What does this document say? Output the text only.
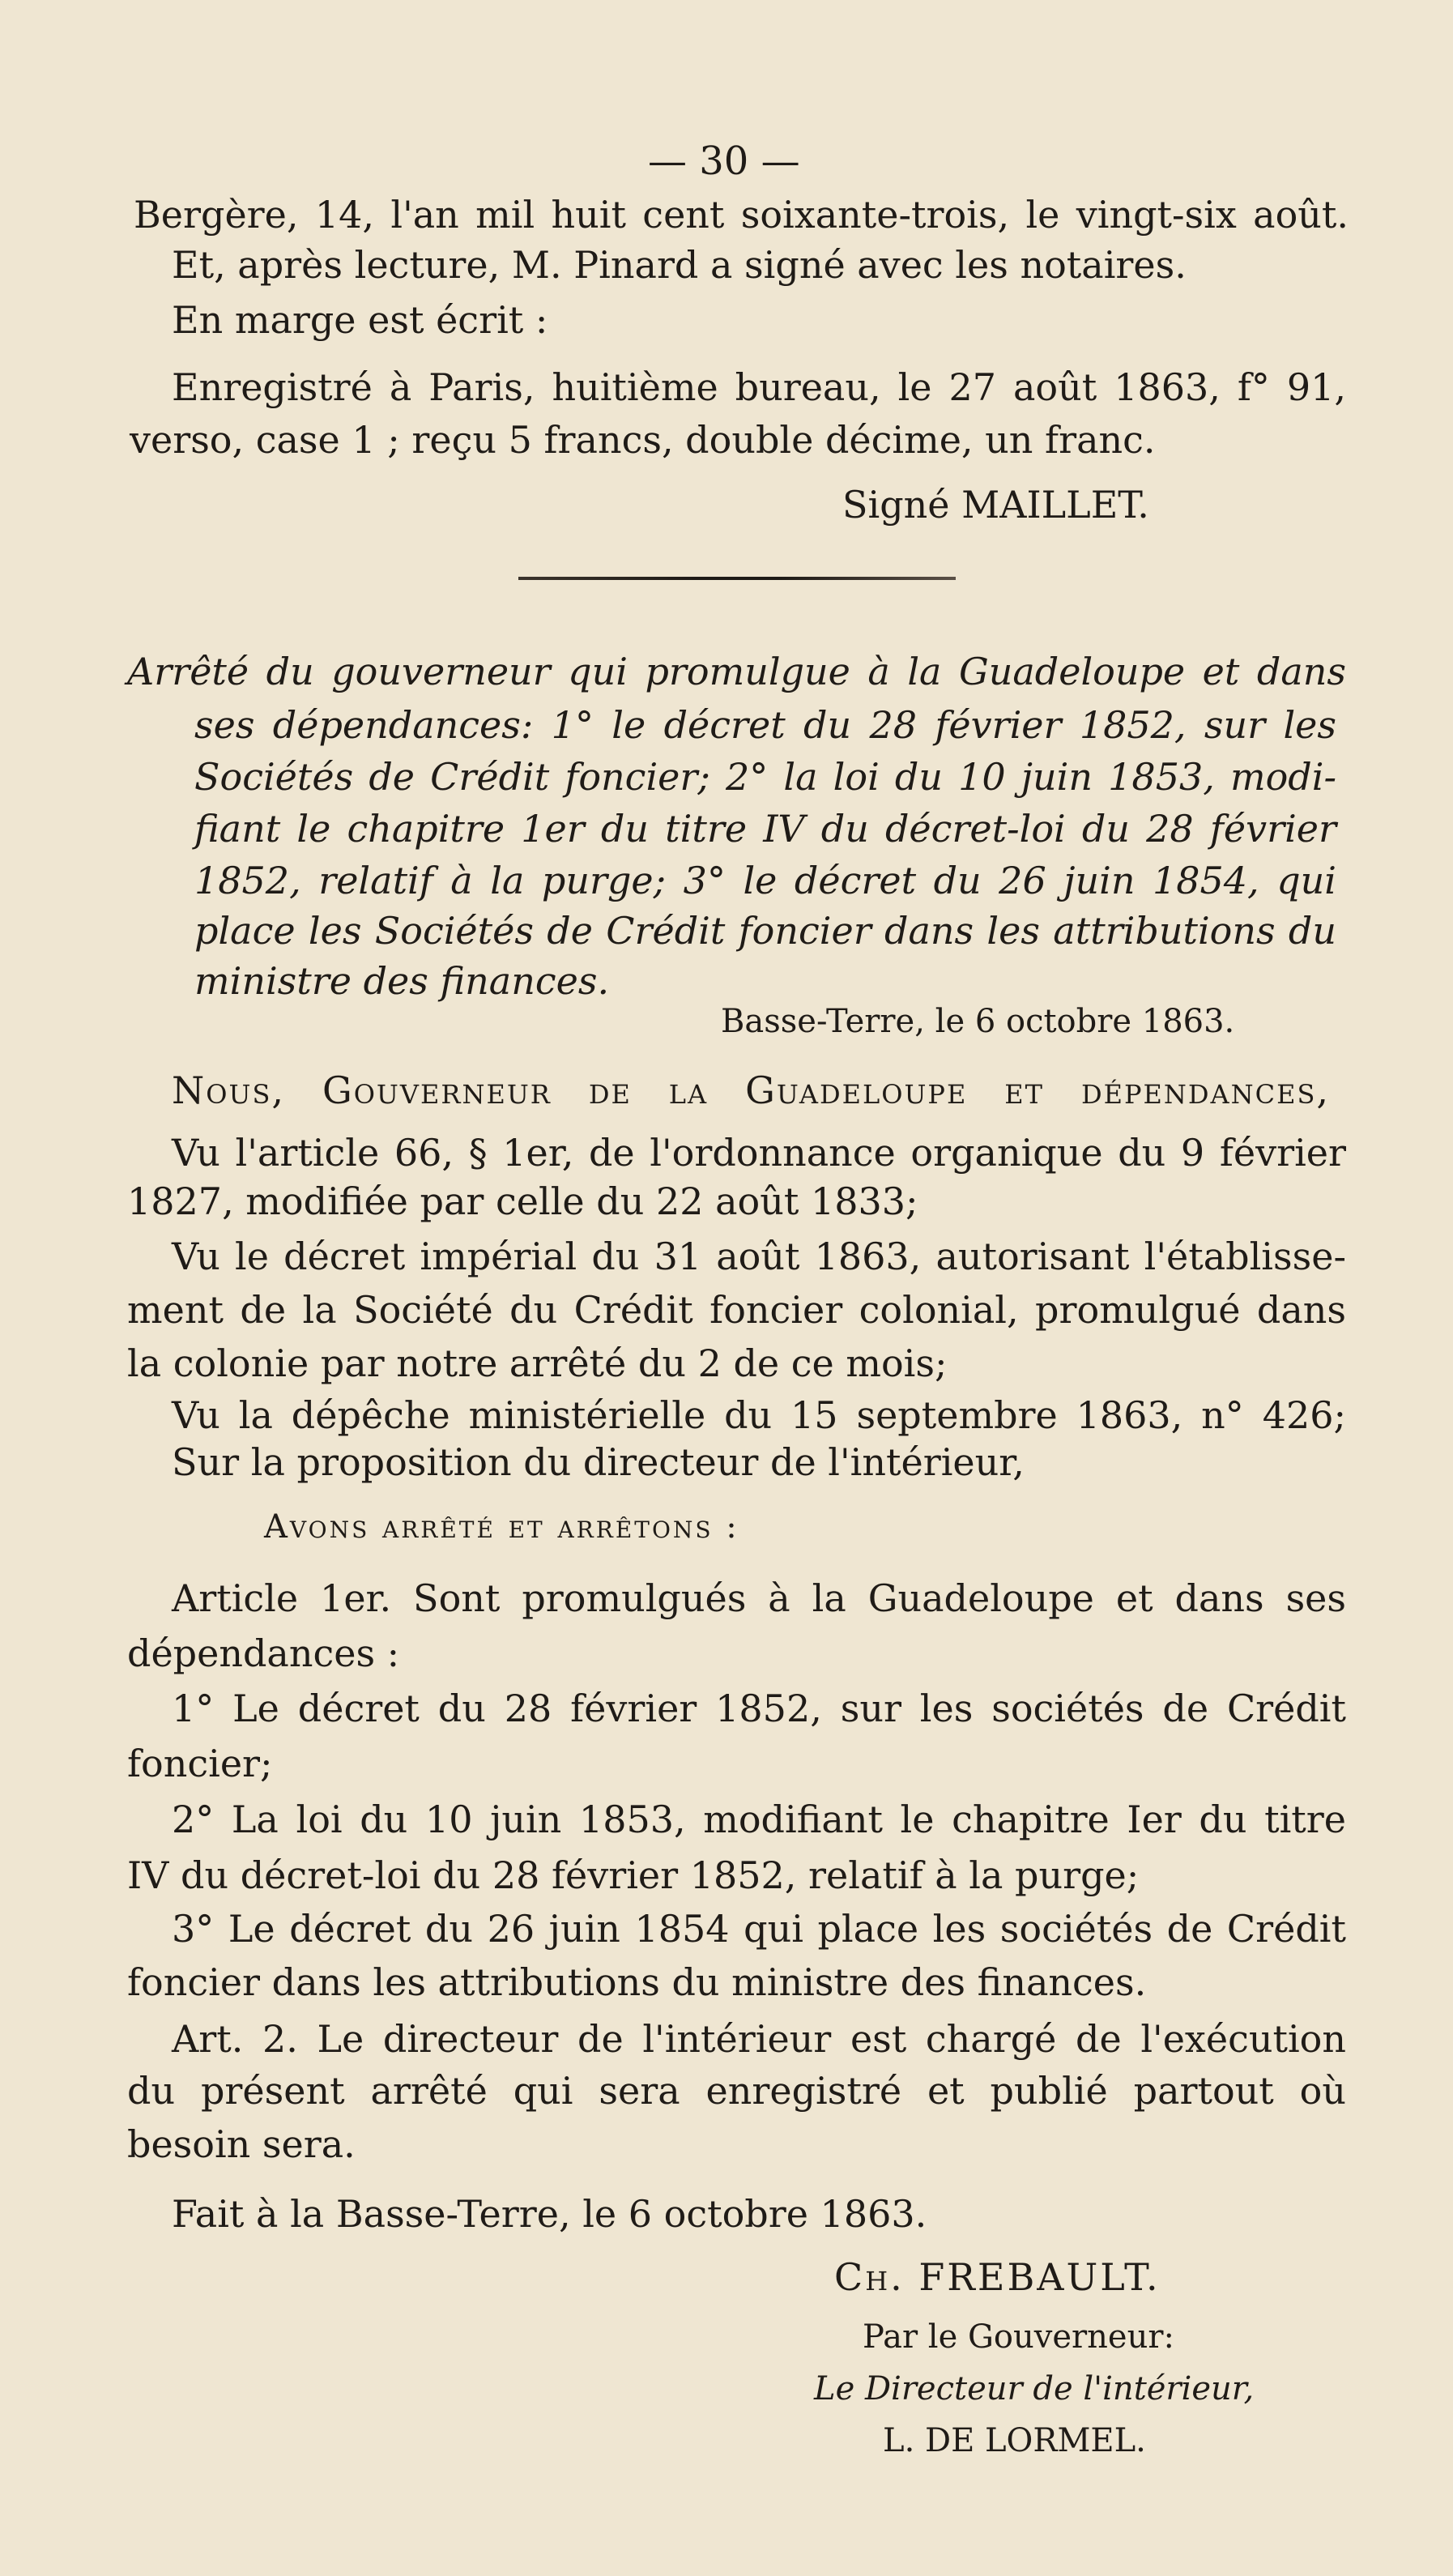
— 30 —

Bergère, 14, l'an mil huit cent soixante-trois, le vingt-six août.

Et, après lecture, M. Pinard a signé avec les notaires.

En marge est écrit :

Enregistré à Paris, huitième bureau, le 27 août 1863, f° 91,

verso, case 1 ; reçu 5 francs, double décime, un franc.

Signé MAILLET.

Arrêté du gouverneur qui promulgue à la Guadeloupe et dans

ses dépendances: 1° le décret du 28 février 1852, sur les

Sociétés de Crédit foncier; 2° la loi du 10 juin 1853, modi-

fiant le chapitre 1er du titre IV du décret-loi du 28 février

1852, relatif à la purge; 3° le décret du 26 juin 1854, qui

place les Sociétés de Crédit foncier dans les attributions du

ministre des finances.

Basse-Terre, le 6 octobre 1863.

Nous, Gouverneur de la Guadeloupe et dépendances,

Vu l'article 66, § 1er, de l'ordonnance organique du 9 février

1827, modifiée par celle du 22 août 1833;

Vu le décret impérial du 31 août 1863, autorisant l'établisse-

ment de la Société du Crédit foncier colonial, promulgué dans

la colonie par notre arrêté du 2 de ce mois;

Vu la dépêche ministérielle du 15 septembre 1863, n° 426;

Sur la proposition du directeur de l'intérieur,

Avons arrêté et arrêtons :

Article 1er. Sont promulgués à la Guadeloupe et dans ses

dépendances :

1° Le décret du 28 février 1852, sur les sociétés de Crédit

foncier;

2° La loi du 10 juin 1853, modifiant le chapitre Ier du titre

IV du décret-loi du 28 février 1852, relatif à la purge;

3° Le décret du 26 juin 1854 qui place les sociétés de Crédit

foncier dans les attributions du ministre des finances.

Art. 2. Le directeur de l'intérieur est chargé de l'exécution

du présent arrêté qui sera enregistré et publié partout où

besoin sera.

Fait à la Basse-Terre, le 6 octobre 1863.

Ch. FREBAULT.

Par le Gouverneur:

Le Directeur de l'intérieur,

L. DE LORMEL.
